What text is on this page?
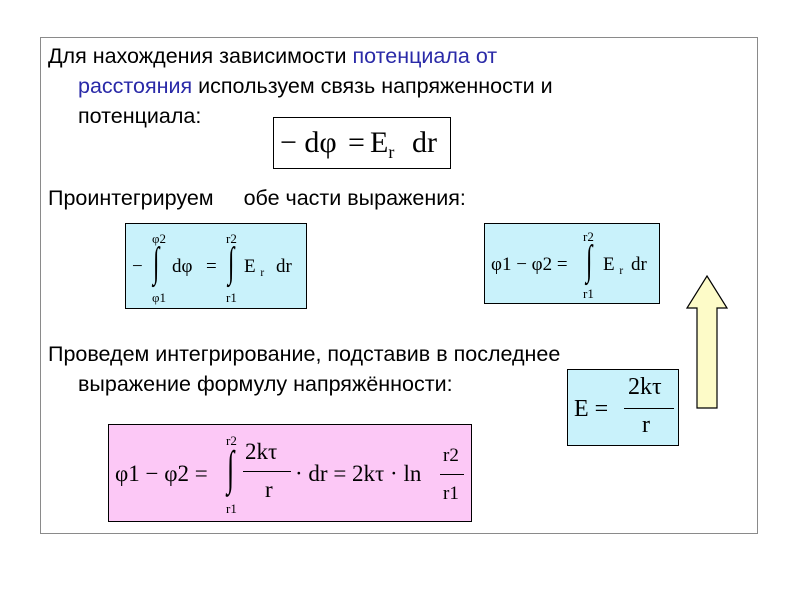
Для нахождения зависимости потенциала от
расстояния используем связь напряженности и
потенциала:
− $d\varphi = E_r$ dr
Проинтегрируем обе части выражения:
−
φ2
∫
φ1
dφ =
r2
∫
r1
E $_r$ dr	φ1 − φ2 =
r2
∫
r1
E $_r$ dr
Проведем интегрирование, подставив в последнее
выражение формулу напряжённости:
E =
2kτ
r
φ1 − φ2 =
r2
∫
r1
2kτ
r
· dr = 2kτ · ln
r2
r1
